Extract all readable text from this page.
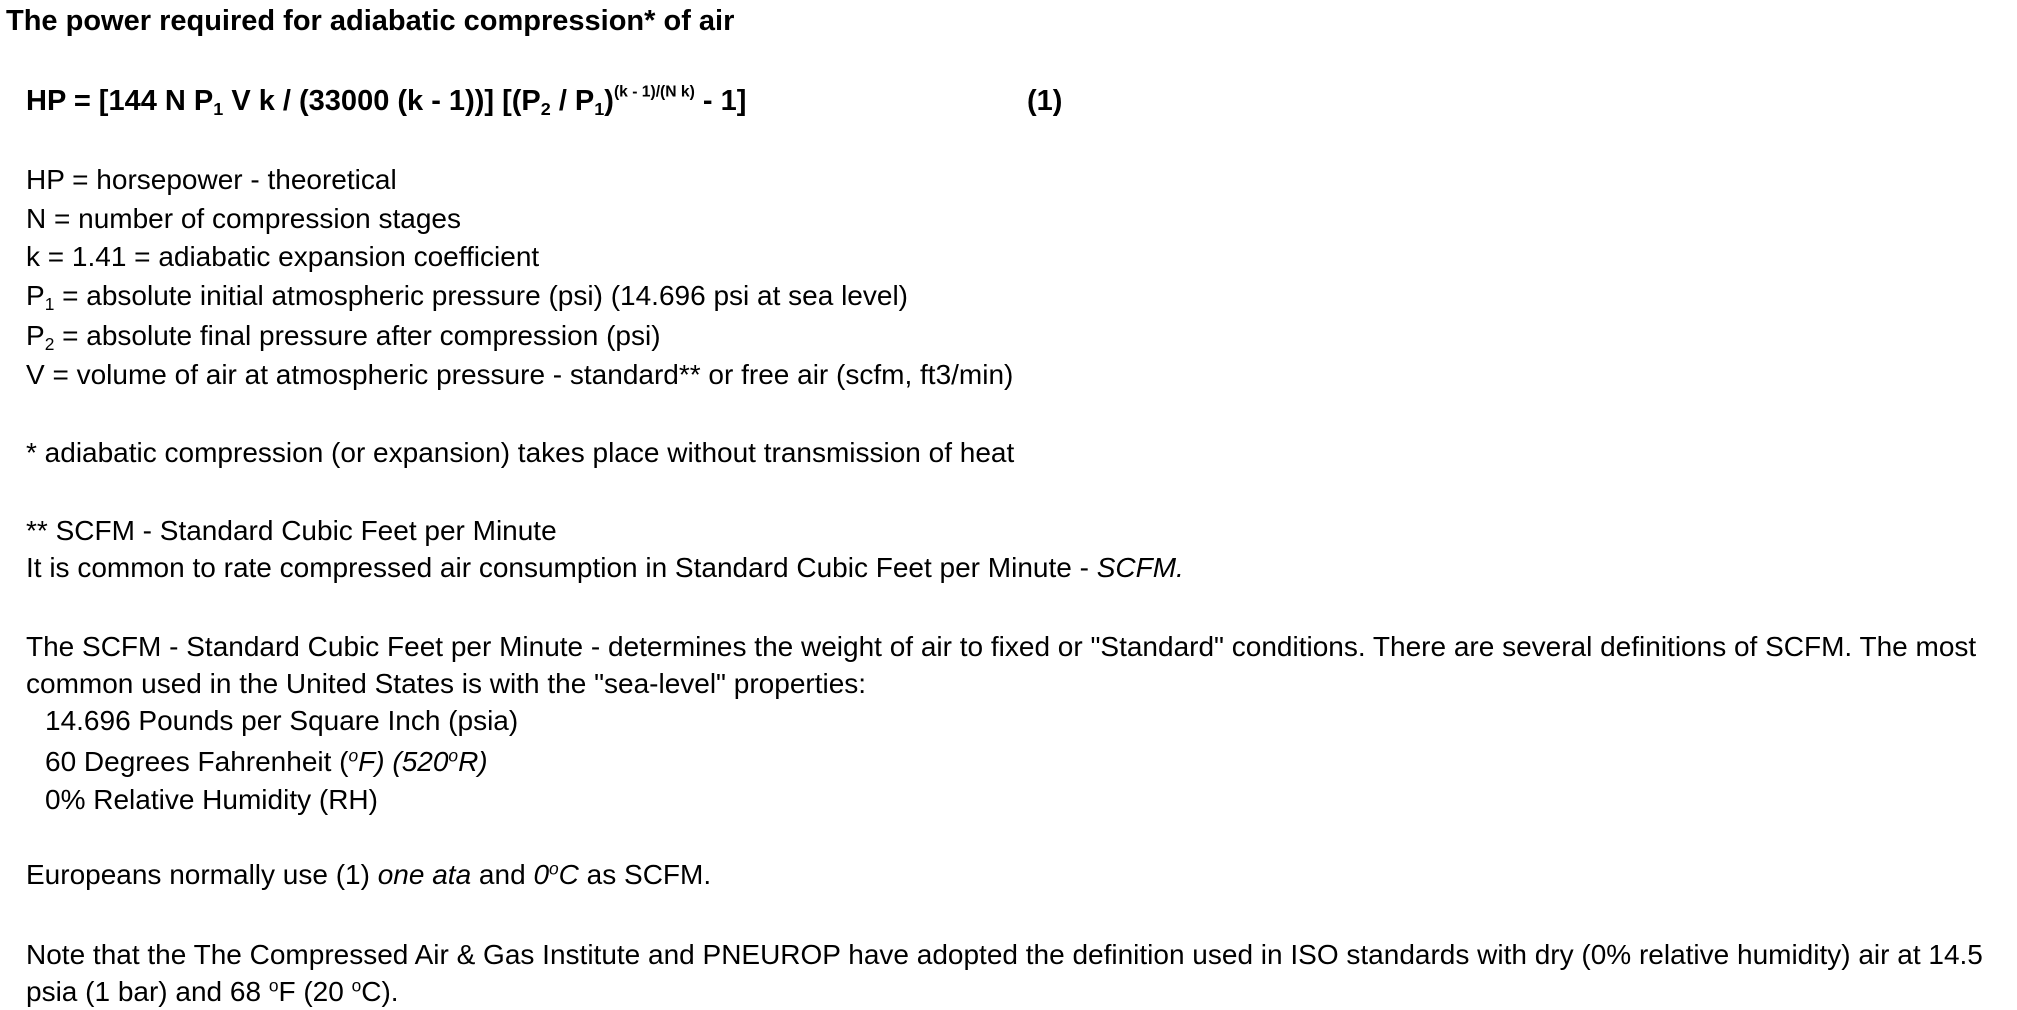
The power required for adiabatic compression* of air
HP = [144 N $P_1$ V k / (33000 (k - 1))] $[(P_2 / P_1)^{(k - 1)/(N k)} - 1]$	(1)
HP = horsepower - theoretical
N = number of compression stages
k = 1.41 = adiabatic expansion coefficient
$P_1$ = absolute initial atmospheric pressure (psi) (14.696 psi at sea level)
$P_2$ = absolute final pressure after compression (psi)
V = volume of air at atmospheric pressure - standard** or free air (scfm, ft3/min)
* adiabatic compression (or expansion) takes place without transmission of heat
** SCFM - Standard Cubic Feet per Minute
It is common to rate compressed air consumption in Standard Cubic Feet per Minute - SCFM.
The SCFM - Standard Cubic Feet per Minute - determines the weight of air to fixed or "Standard" conditions. There are several definitions of SCFM. The most common used in the United States is with the "sea-level" properties:
14.696 Pounds per Square Inch (psia)
60 Degrees Fahrenheit ($^o$F) (520$^o$R)
0% Relative Humidity (RH)
Europeans normally use (1) one ata and 0$^o$C as SCFM.
Note that the The Compressed Air & Gas Institute and PNEUROP have adopted the definition used in ISO standards with dry (0% relative humidity) air at 14.5 psia (1 bar) and 68 $^o$F (20 $^o$C).
